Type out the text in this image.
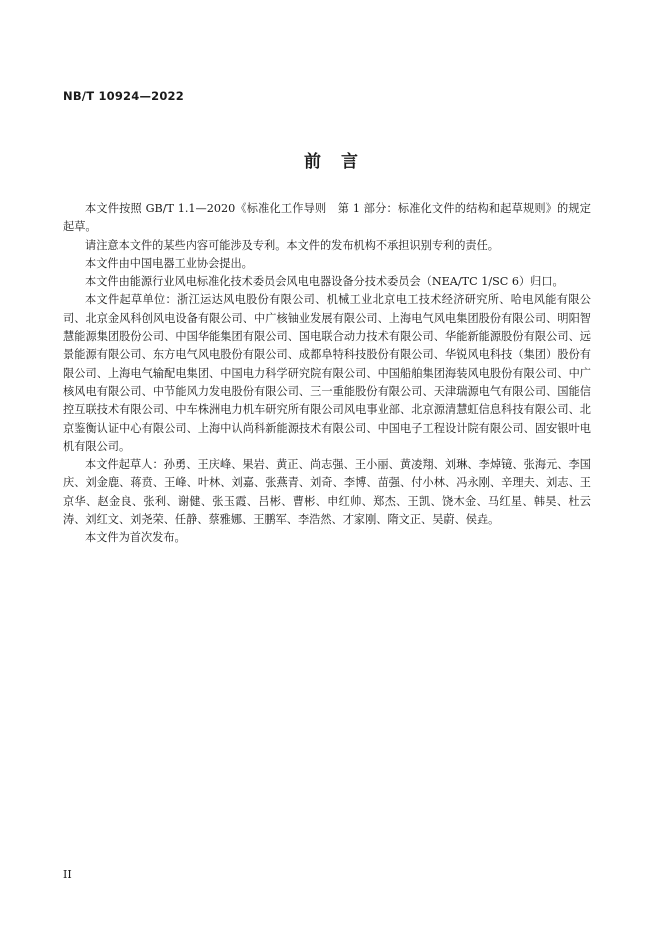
NB/T 10924—2022
前言

本文件按照 GB/T 1.1—2020《标准化工作导则　第 1 部分：标准化文件的结构和起草规则》的规定起草。

请注意本文件的某些内容可能涉及专利。本文件的发布机构不承担识别专利的责任。

本文件由中国电器工业协会提出。

本文件由能源行业风电标准化技术委员会风电电器设备分技术委员会（NEA/TC 1/SC 6）归口。

本文件起草单位：浙江运达风电股份有限公司、机械工业北京电工技术经济研究所、哈电风能有限公司、北京金风科创风电设备有限公司、中广核铀业发展有限公司、上海电气风电集团股份有限公司、明阳智慧能源集团股份公司、中国华能集团有限公司、国电联合动力技术有限公司、华能新能源股份有限公司、远景能源有限公司、东方电气风电股份有限公司、成都阜特科技股份有限公司、华锐风电科技（集团）股份有限公司、上海电气输配电集团、中国电力科学研究院有限公司、中国船舶集团海装风电股份有限公司、中广核风电有限公司、中节能风力发电股份有限公司、三一重能股份有限公司、天津瑞源电气有限公司、国能信控互联技术有限公司、中车株洲电力机车研究所有限公司风电事业部、北京源清慧虹信息科技有限公司、北京鉴衡认证中心有限公司、上海中认尚科新能源技术有限公司、中国电子工程设计院有限公司、固安银叶电机有限公司。

本文件起草人：孙勇、王庆峰、果岩、黄正、尚志强、王小丽、黄凌翔、刘琳、李焯镜、张海元、李国庆、刘金鹿、蒋贲、王峰、叶林、刘嘉、张燕青、刘奇、李博、苗强、付小林、冯永刚、辛理夫、刘志、王京华、赵金良、张利、谢健、张玉霞、吕彬、曹彬、申红帅、郑杰、王凯、饶木金、马红星、韩昊、杜云涛、刘红文、刘尧荣、任静、蔡雅娜、王鹏军、李浩然、才家刚、隋文正、吴蔚、侯垚。

本文件为首次发布。

II
